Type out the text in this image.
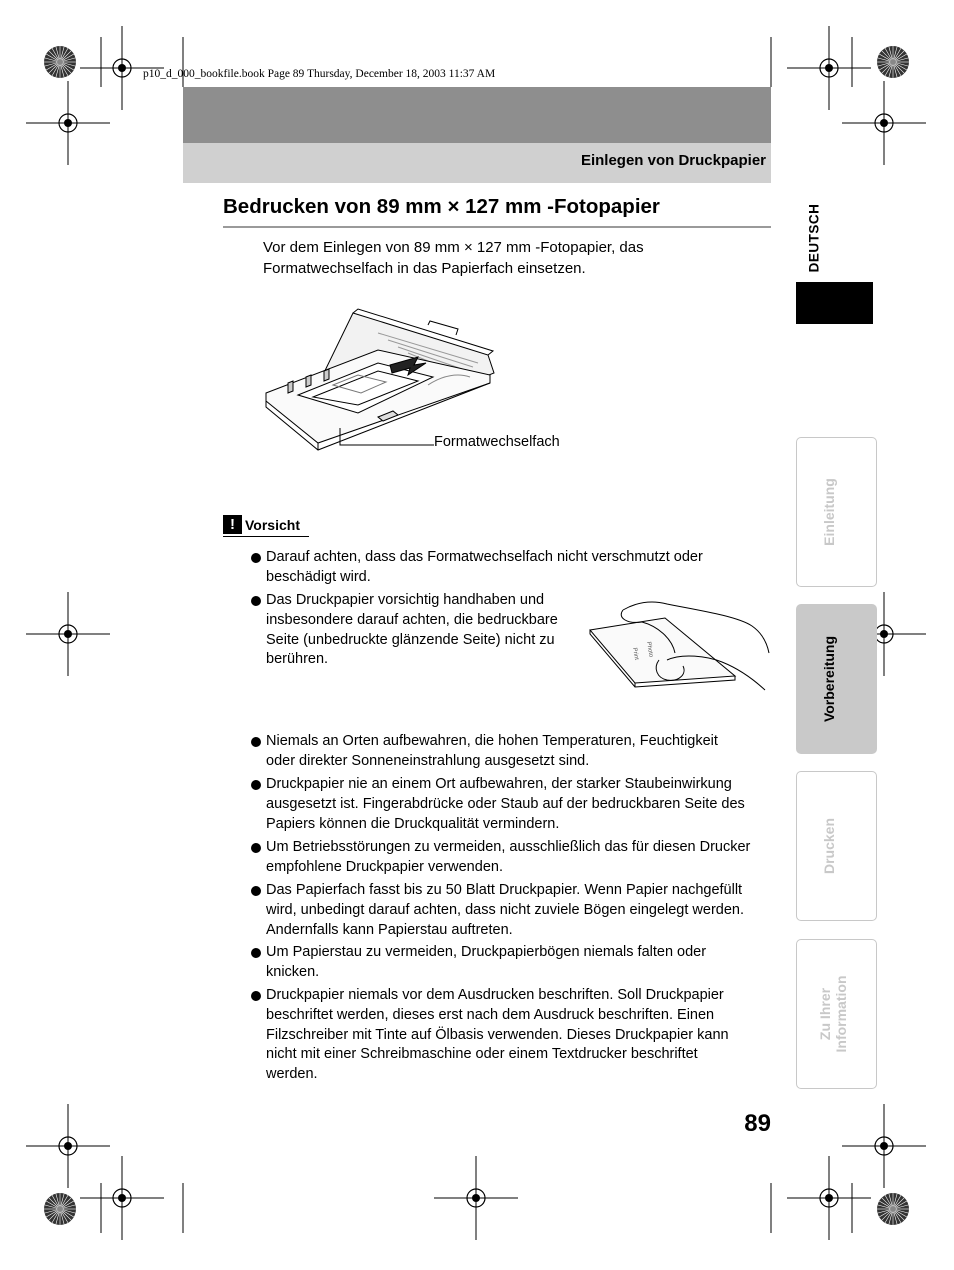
p10_d_000_bookfile.book Page 89 Thursday, December 18, 2003 11:37 AM
Einlegen von Druckpapier
Bedrucken von 89 mm × 127 mm -Fotopapier
Vor dem Einlegen von 89 mm × 127 mm -Fotopapier, das
Formatwechselfach in das Papierfach einsetzen.
Formatwechselfach
! Vorsicht
Darauf achten, dass das Formatwechselfach nicht verschmutzt oder
beschädigt wird.
Das Druckpapier vorsichtig handhaben und
insbesondere darauf achten, die bedruckbare
Seite (unbedruckte glänzende Seite) nicht zu
berühren.
Photo
Print
Niemals an Orten aufbewahren, die hohen Temperaturen, Feuchtigkeit
oder direkter Sonneneinstrahlung ausgesetzt sind.
Druckpapier nie an einem Ort aufbewahren, der starker Staubeinwirkung
ausgesetzt ist. Fingerabdrücke oder Staub auf der bedruckbaren Seite des
Papiers können die Druckqualität vermindern.
Um Betriebsstörungen zu vermeiden, ausschließlich das für diesen Drucker
empfohlene Druckpapier verwenden.
Das Papierfach fasst bis zu 50 Blatt Druckpapier. Wenn Papier nachgefüllt
wird, unbedingt darauf achten, dass nicht zuviele Bögen eingelegt werden.
Andernfalls kann Papierstau auftreten.
Um Papierstau zu vermeiden, Druckpapierbögen niemals falten oder
knicken.
Druckpapier niemals vor dem Ausdrucken beschriften. Soll Druckpapier
beschriftet werden, dieses erst nach dem Ausdruck beschriften. Einen
Filzschreiber mit Tinte auf Ölbasis verwenden. Dieses Druckpapier kann
nicht mit einer Schreibmaschine oder einem Textdrucker beschriftet
werden.
DEUTSCH
Einleitung
Vorbereitung
Drucken
Zu Ihrer
Information
89
